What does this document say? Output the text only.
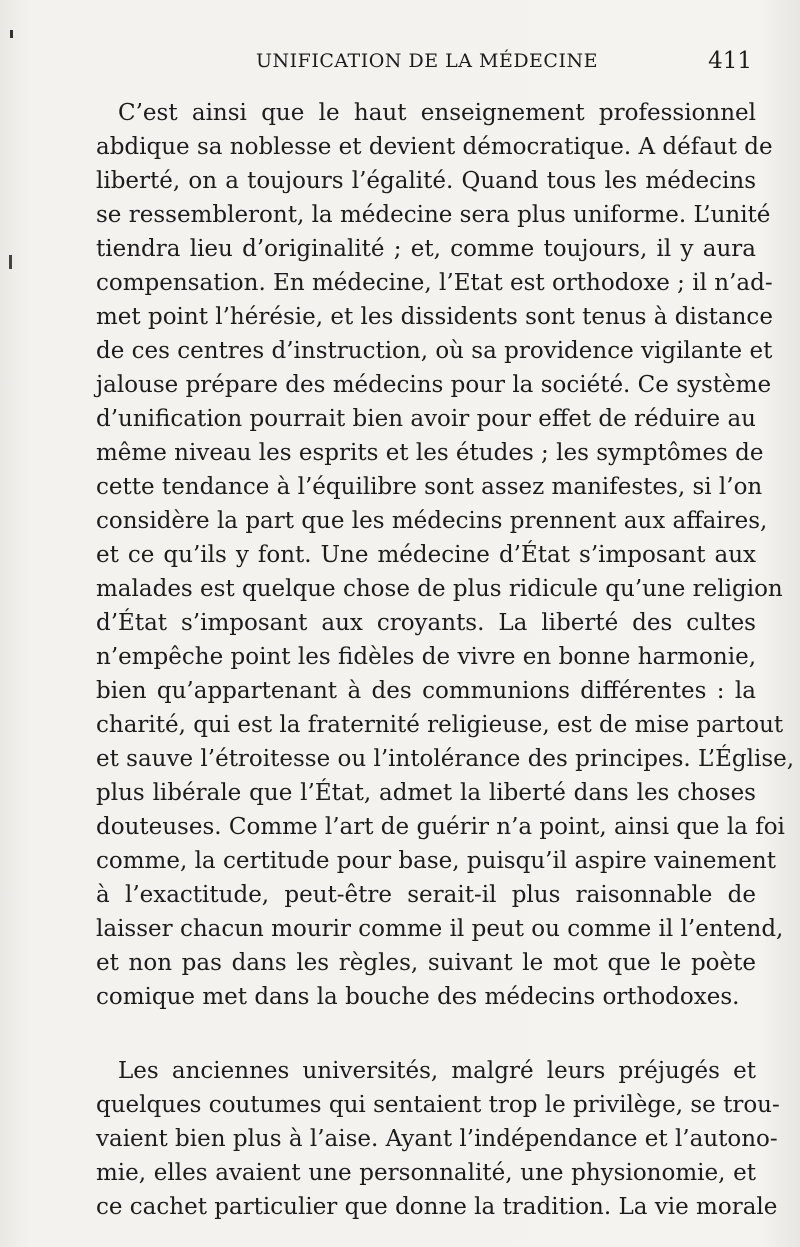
UNIFICATION DE LA MÉDECINE	411
C’est ainsi que le haut enseignement professionnel
abdique sa noblesse et devient démocratique. A défaut de
liberté, on a toujours l’égalité. Quand tous les médecins
se ressembleront, la médecine sera plus uniforme. L’unité
tiendra lieu d’originalité ; et, comme toujours, il y aura
compensation. En médecine, l’Etat est orthodoxe ; il n’ad-
met point l’hérésie, et les dissidents sont tenus à distance
de ces centres d’instruction, où sa providence vigilante et
jalouse prépare des médecins pour la société. Ce système
d’unification pourrait bien avoir pour effet de réduire au
même niveau les esprits et les études ; les symptômes de
cette tendance à l’équilibre sont assez manifestes, si l’on
considère la part que les médecins prennent aux affaires,
et ce qu’ils y font. Une médecine d’État s’imposant aux
malades est quelque chose de plus ridicule qu’une religion
d’État s’imposant aux croyants. La liberté des cultes
n’empêche point les fidèles de vivre en bonne harmonie,
bien qu’appartenant à des communions différentes : la
charité, qui est la fraternité religieuse, est de mise partout
et sauve l’étroitesse ou l’intolérance des principes. L’Église,
plus libérale que l’État, admet la liberté dans les choses
douteuses. Comme l’art de guérir n’a point, ainsi que la foi
comme, la certitude pour base, puisqu’il aspire vainement
à l’exactitude, peut-être serait-il plus raisonnable de
laisser chacun mourir comme il peut ou comme il l’entend,
et non pas dans les règles, suivant le mot que le poète
comique met dans la bouche des médecins orthodoxes.
Les anciennes universités, malgré leurs préjugés et
quelques coutumes qui sentaient trop le privilège, se trou-
vaient bien plus à l’aise. Ayant l’indépendance et l’autono-
mie, elles avaient une personnalité, une physionomie, et
ce cachet particulier que donne la tradition. La vie morale
